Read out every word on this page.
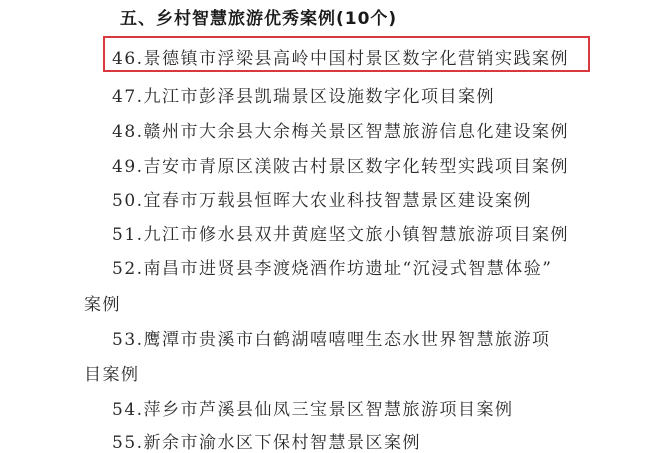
五、乡村智慧旅游优秀案例(10个)
46.景德镇市浮梁县高岭中国村景区数字化营销实践案例
47.九江市彭泽县凯瑞景区设施数字化项目案例
48.赣州市大余县大余梅关景区智慧旅游信息化建设案例
49.吉安市青原区渼陂古村景区数字化转型实践项目案例
50.宜春市万载县恒晖大农业科技智慧景区建设案例
51.九江市修水县双井黄庭坚文旅小镇智慧旅游项目案例
52.南昌市进贤县李渡烧酒作坊遗址“沉浸式智慧体验”
案例
53.鹰潭市贵溪市白鹤湖嘻嘻哩生态水世界智慧旅游项
目案例
54.萍乡市芦溪县仙凤三宝景区智慧旅游项目案例
55.新余市渝水区下保村智慧景区案例
